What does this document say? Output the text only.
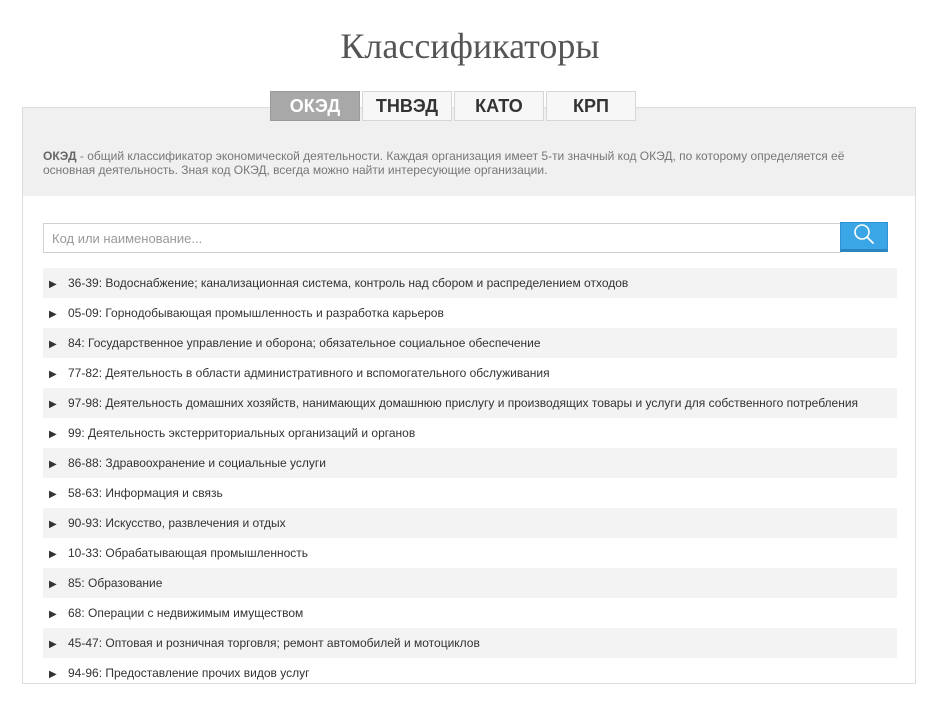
Классификаторы
ОКЭД	ТНВЭД	КАТО	КРП
ОКЭД - общий классификатор экономической деятельности. Каждая организация имеет 5-ти значный код ОКЭД, по которому определяется её основная деятельность. Зная код ОКЭД, всегда можно найти интересующие организации.
Код или наименование...
▶ 36-39: Водоснабжение; канализационная система, контроль над сбором и распределением отходов
▶ 05-09: Горнодобывающая промышленность и разработка карьеров
▶ 84: Государственное управление и оборона; обязательное социальное обеспечение
▶ 77-82: Деятельность в области административного и вспомогательного обслуживания
▶ 97-98: Деятельность домашних хозяйств, нанимающих домашнюю прислугу и производящих товары и услуги для собственного потребления
▶ 99: Деятельность экстерриториальных организаций и органов
▶ 86-88: Здравоохранение и социальные услуги
▶ 58-63: Информация и связь
▶ 90-93: Искусство, развлечения и отдых
▶ 10-33: Обрабатывающая промышленность
▶ 85: Образование
▶ 68: Операции с недвижимым имуществом
▶ 45-47: Оптовая и розничная торговля; ремонт автомобилей и мотоциклов
▶ 94-96: Предоставление прочих видов услуг
